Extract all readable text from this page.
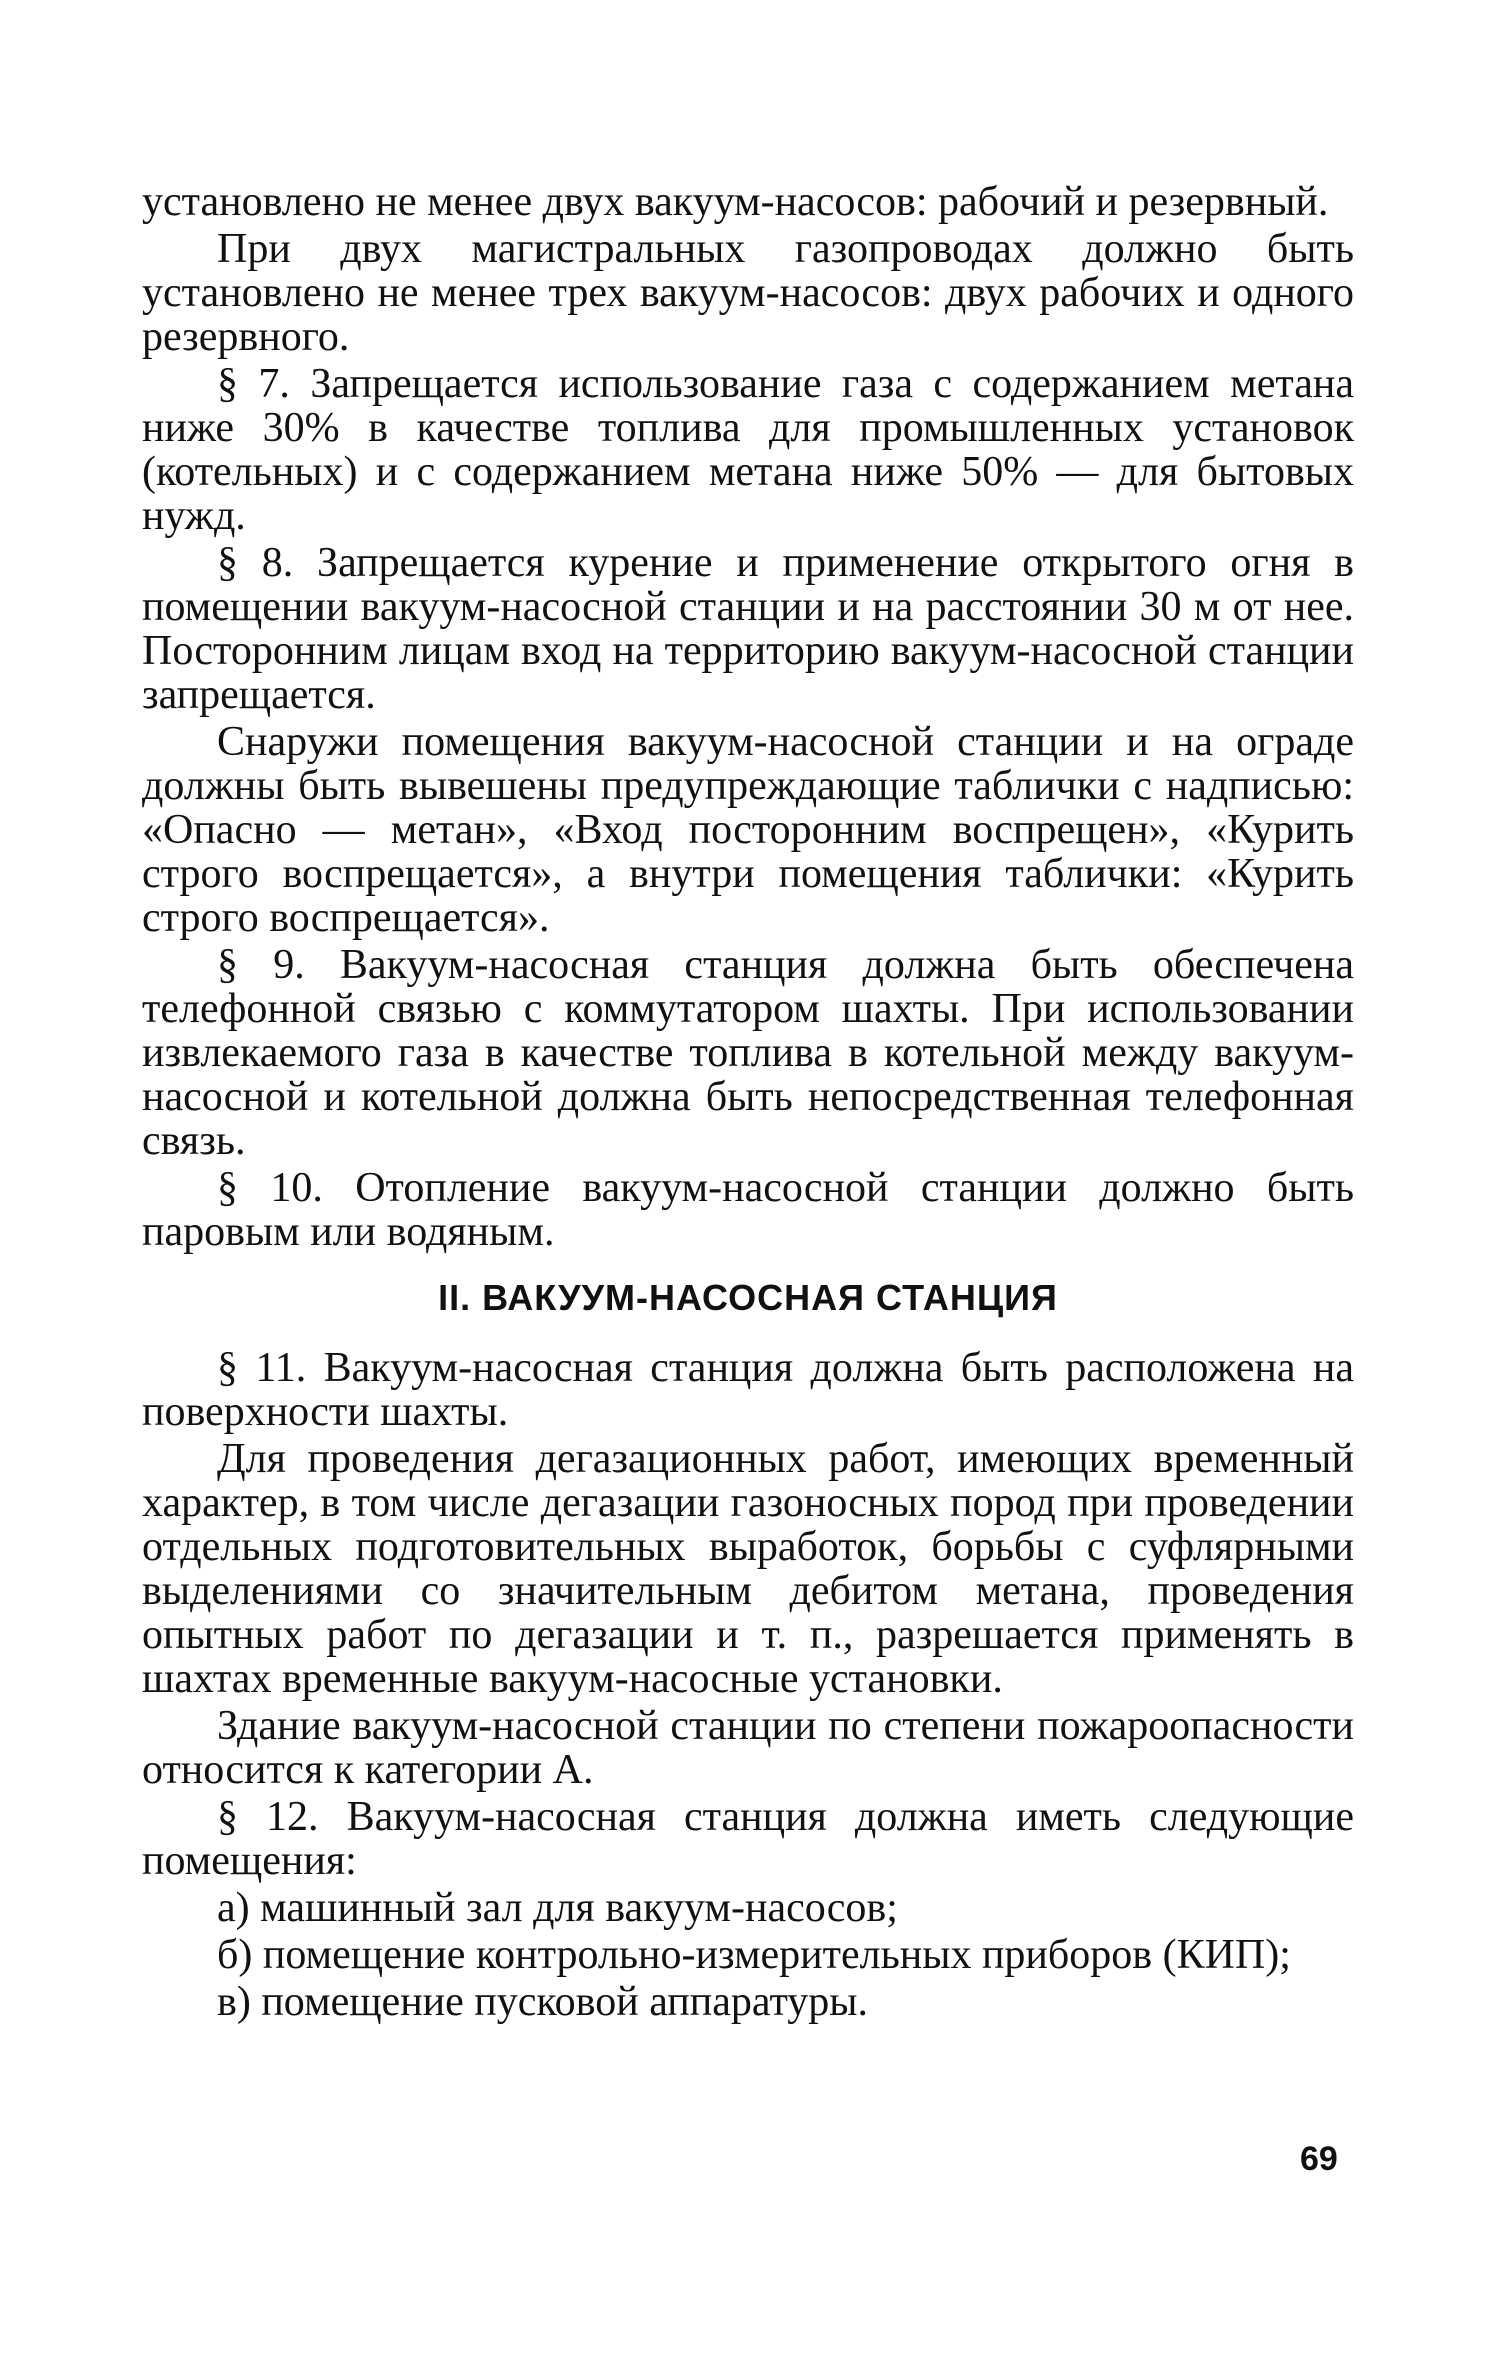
установлено не менее двух вакуум-насосов: рабочий и резервный.

При двух магистральных газопроводах должно быть установлено не менее трех вакуум-насосов: двух рабочих и одного резервного.

§ 7. Запрещается использование газа с содержанием метана ниже 30% в качестве топлива для промышленных установок (котельных) и с содержанием метана ниже 50% — для бытовых нужд.

§ 8. Запрещается курение и применение открытого огня в помещении вакуум-насосной станции и на расстоянии 30 м от нее. Посторонним лицам вход на территорию вакуум-насосной станции запрещается.

Снаружи помещения вакуум-насосной станции и на ограде должны быть вывешены предупреждающие таблички с надписью: «Опасно — метан», «Вход посторонним воспрещен», «Курить строго воспрещается», а внутри помещения таблички: «Курить строго воспрещается».

§ 9. Вакуум-насосная станция должна быть обеспечена телефонной связью с коммутатором шахты. При использовании извлекаемого газа в качестве топлива в котельной между вакуум-насосной и котельной должна быть непосредственная телефонная связь.

§ 10. Отопление вакуум-насосной станции должно быть паровым или водяным.

II. ВАКУУМ-НАСОСНАЯ СТАНЦИЯ

§ 11. Вакуум-насосная станция должна быть расположена на поверхности шахты.

Для проведения дегазационных работ, имеющих временный характер, в том числе дегазации газоносных пород при проведении отдельных подготовительных выработок, борьбы с суфлярными выделениями со значительным дебитом метана, проведения опытных работ по дегазации и т. п., разрешается применять в шахтах временные вакуум-насосные установки.

Здание вакуум-насосной станции по степени пожароопасности относится к категории А.

§ 12. Вакуум-насосная станция должна иметь следующие помещения:

а) машинный зал для вакуум-насосов;

б) помещение контрольно-измерительных приборов (КИП);

в) помещение пусковой аппаратуры.

69
